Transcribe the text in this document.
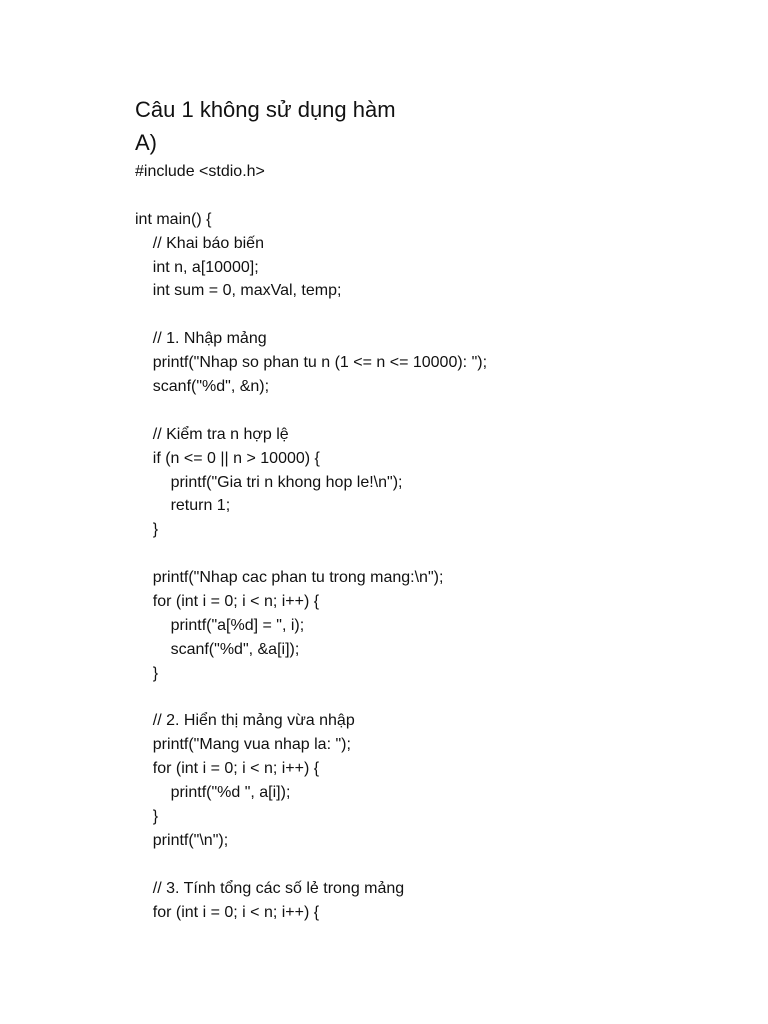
Câu 1 không sử dụng hàm
A)
#include <stdio.h>
int main() {
// Khai báo biến
int n, a[10000];
int sum = 0, maxVal, temp;
// 1. Nhập mảng
printf("Nhap so phan tu n (1 <= n <= 10000): ");
scanf("%d", &n);
// Kiểm tra n hợp lệ
if (n <= 0 || n > 10000) {
printf("Gia tri n khong hop le!\n");
return 1;
}
printf("Nhap cac phan tu trong mang:\n");
for (int i = 0; i < n; i++) {
printf("a[%d] = ", i);
scanf("%d", &a[i]);
}
// 2. Hiển thị mảng vừa nhập
printf("Mang vua nhap la: ");
for (int i = 0; i < n; i++) {
printf("%d ", a[i]);
}
printf("\n");
// 3. Tính tổng các số lẻ trong mảng
for (int i = 0; i < n; i++) {
